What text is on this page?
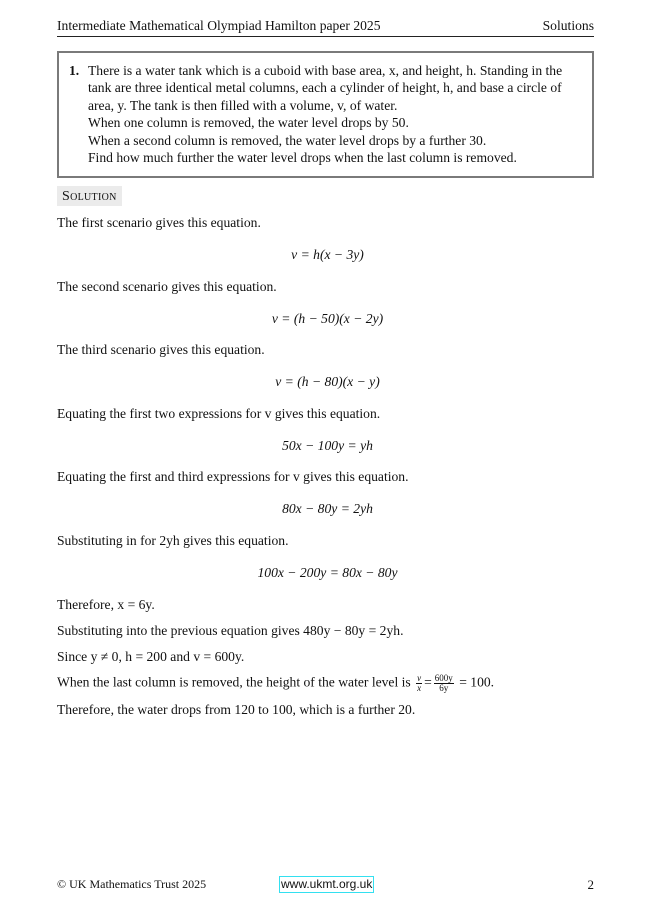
Intermediate Mathematical Olympiad Hamilton paper 2025	Solutions
1. There is a water tank which is a cuboid with base area, x, and height, h. Standing in the
tank are three identical metal columns, each a cylinder of height, h, and base a circle of
area, y. The tank is then filled with a volume, v, of water.
When one column is removed, the water level drops by 50.
When a second column is removed, the water level drops by a further 30.
Find how much further the water level drops when the last column is removed.
Solution
The first scenario gives this equation.
v = h(x − 3y)
The second scenario gives this equation.
v = (h − 50)(x − 2y)
The third scenario gives this equation.
v = (h − 80)(x − y)
Equating the first two expressions for v gives this equation.
50x − 100y = yh
Equating the first and third expressions for v gives this equation.
80x − 80y = 2yh
Substituting in for 2yh gives this equation.
100x − 200y = 80x − 80y
Therefore, x = 6y.
Substituting into the previous equation gives 480y − 80y = 2yh.
Since y ≠ 0, h = 200 and v = 600y.
When the last column is removed, the height of the water level is $\frac{v}{x} = \frac{600y}{6y} = 100$.
Therefore, the water drops from 120 to 100, which is a further 20.
© UK Mathematics Trust 2025	www.ukmt.org.uk	2
